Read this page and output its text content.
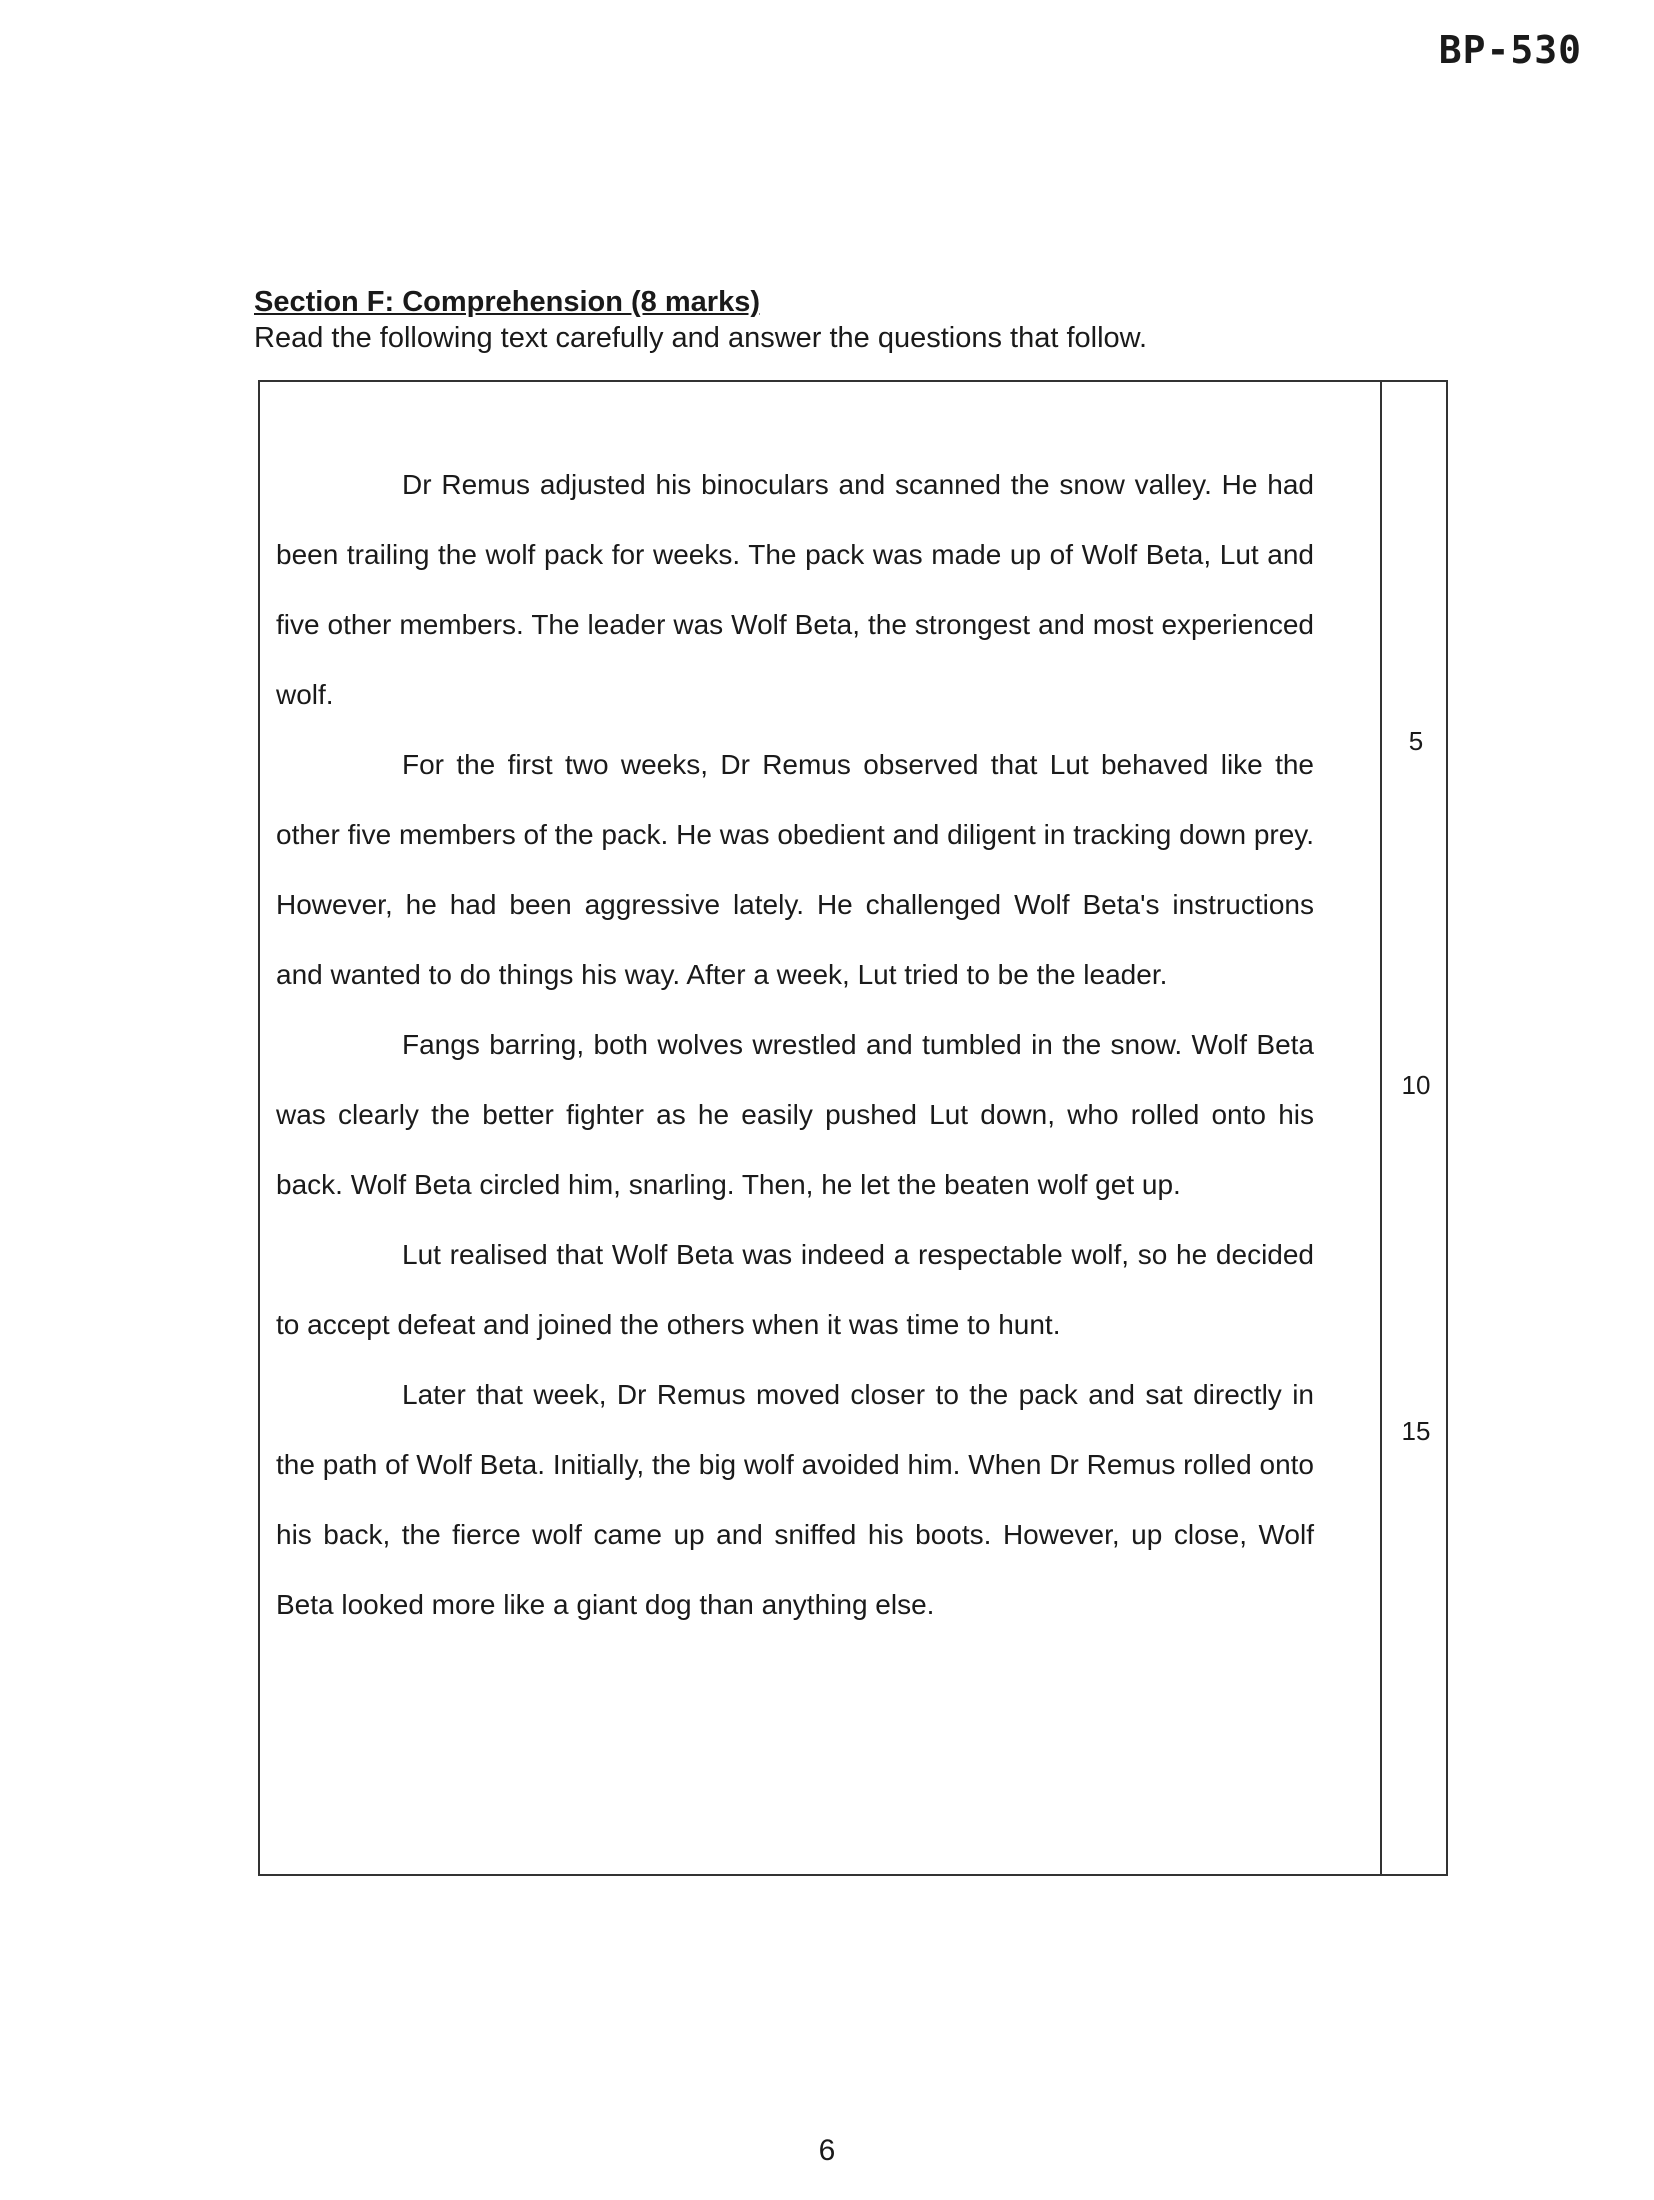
BP-530
Section F: Comprehension (8 marks)
Read the following text carefully and answer the questions that follow.

Dr Remus adjusted his binoculars and scanned the snow valley. He had been trailing the wolf pack for weeks. The pack was made up of Wolf Beta, Lut and five other members. The leader was Wolf Beta, the strongest and most experienced wolf.

For the first two weeks, Dr Remus observed that Lut behaved like the other five members of the pack. He was obedient and diligent in tracking down prey. However, he had been aggressive lately. He challenged Wolf Beta's instructions and wanted to do things his way. After a week, Lut tried to be the leader.

Fangs barring, both wolves wrestled and tumbled in the snow. Wolf Beta was clearly the better fighter as he easily pushed Lut down, who rolled onto his back. Wolf Beta circled him, snarling. Then, he let the beaten wolf get up.

Lut realised that Wolf Beta was indeed a respectable wolf, so he decided to accept defeat and joined the others when it was time to hunt.

Later that week, Dr Remus moved closer to the pack and sat directly in the path of Wolf Beta. Initially, the big wolf avoided him. When Dr Remus rolled onto his back, the fierce wolf came up and sniffed his boots. However, up close, Wolf Beta looked more like a giant dog than anything else.

5
10
15
6
